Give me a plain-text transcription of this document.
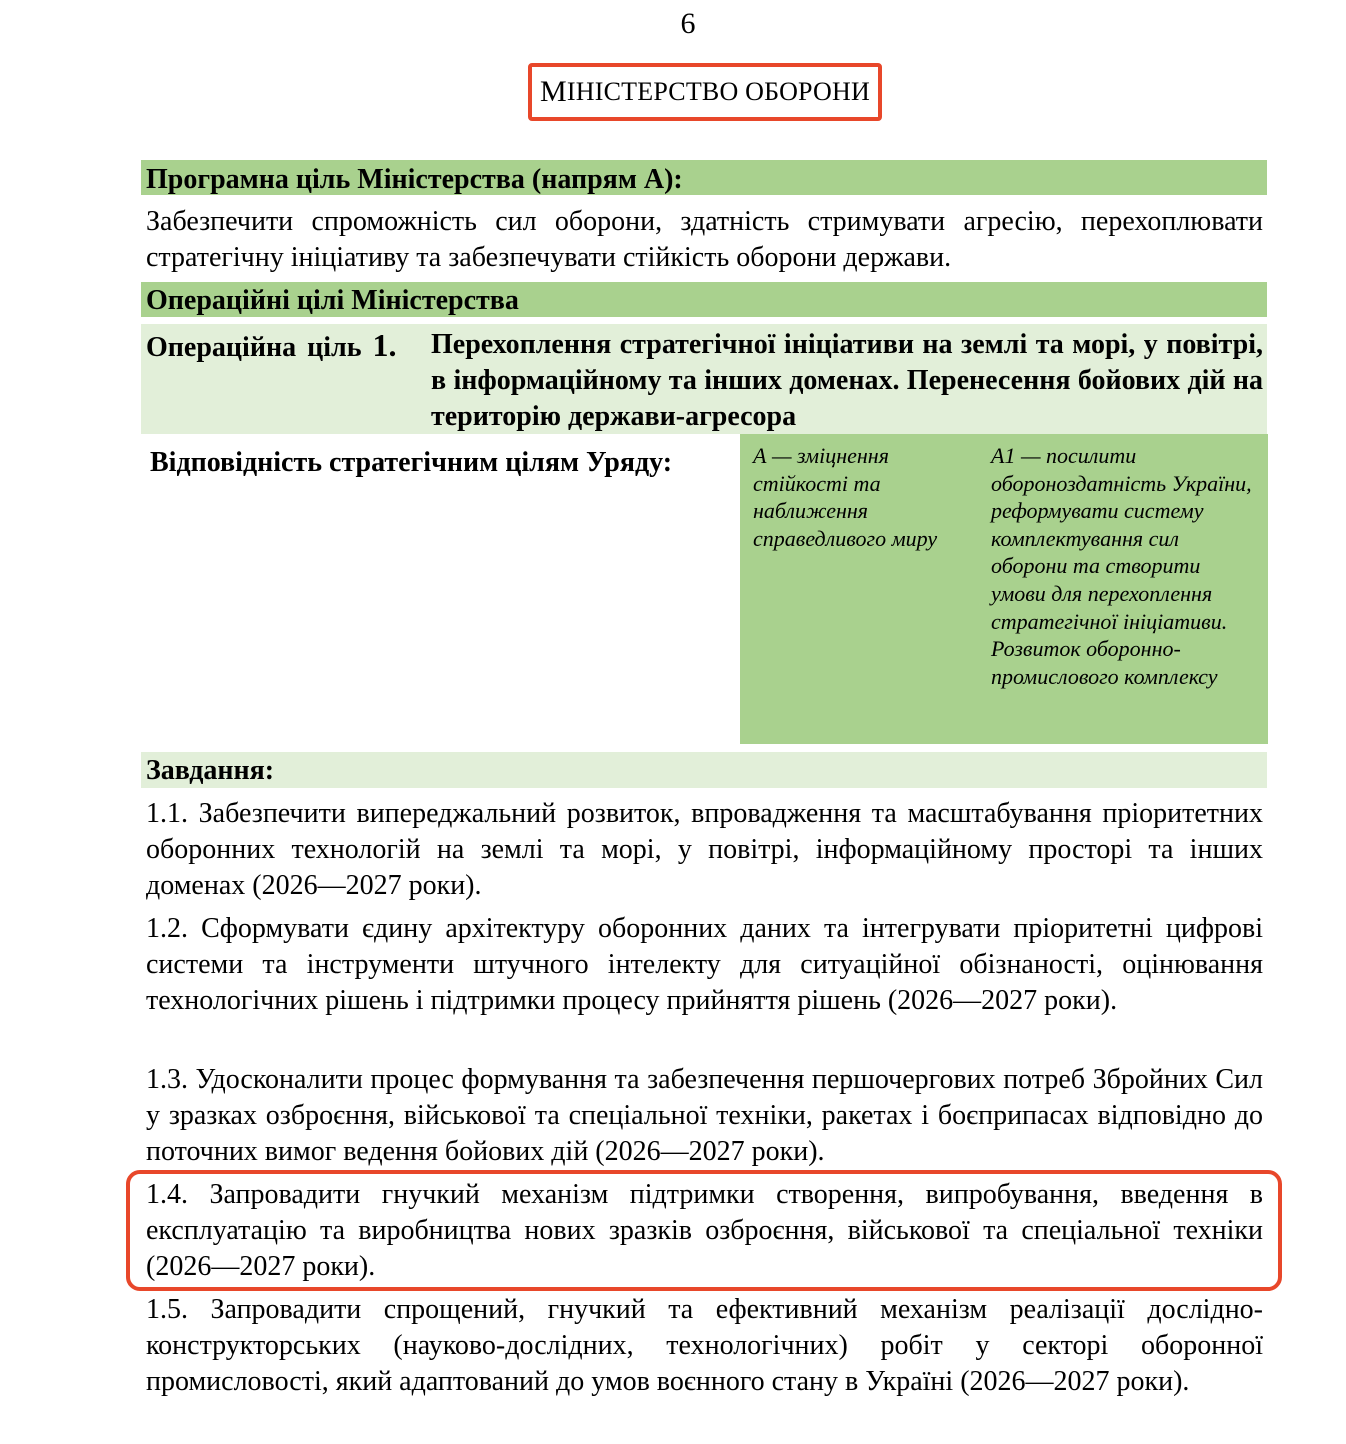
6
М ІНІСТЕРСТВО ОБОРОНИ
Програмна ціль Міністерства (напрям А):
Забезпечити спроможність сил оборони, здатність стримувати агресію, перехоплювати стратегічну ініціативу та забезпечувати стійкість оборони держави.
Операційні цілі Міністерства
Операційна ціль 1. Перехоплення стратегічної ініціативи на землі та морі, у повітрі, в інформаційному та інших доменах. Перенесення бойових дій на територію держави-агресора
Відповідність стратегічним цілям Уряду:	А — зміцнення стійкості та наближення справедливого миру
А1 — посилити обороноздатність України, реформувати систему комплектування сил оборони та створити умови для перехоплення стратегічної ініціативи. Розвиток оборонно-промислового комплексу
Завдання:
1.1. Забезпечити випереджальний розвиток, впровадження та масштабування пріоритетних оборонних технологій на землі та морі, у повітрі, інформаційному просторі та інших доменах (2026—2027 роки).
1.2. Сформувати єдину архітектуру оборонних даних та інтегрувати пріоритетні цифрові системи та інструменти штучного інтелекту для ситуаційної обізнаності, оцінювання технологічних рішень і підтримки процесу прийняття рішень (2026—2027 роки).
1.3. Удосконалити процес формування та забезпечення першочергових потреб Збройних Сил у зразках озброєння, військової та спеціальної техніки, ракетах і боєприпасах відповідно до поточних вимог ведення бойових дій (2026—2027 роки).
1.4. Запровадити гнучкий механізм підтримки створення, випробування, введення в експлуатацію та виробництва нових зразків озброєння, військової та спеціальної техніки (2026—2027 роки).
1.5. Запровадити спрощений, гнучкий та ефективний механізм реалізації дослідно-конструкторських (науково-дослідних, технологічних) робіт у секторі оборонної промисловості, який адаптований до умов воєнного стану в Україні (2026—2027 роки).
